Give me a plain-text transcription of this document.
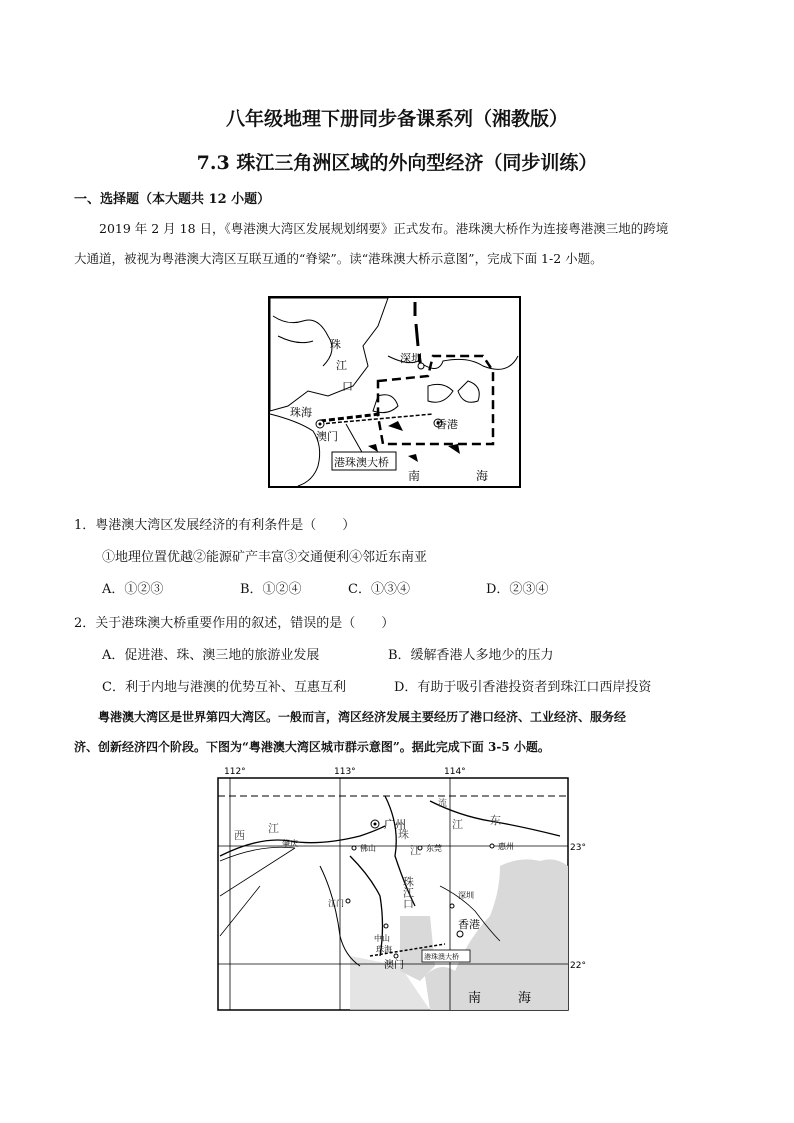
八年级地理下册同步备课系列（湘教版）
7.3 珠江三角洲区域的外向型经济（同步训练）
一、选择题（本大题共 12 小题）
2019 年 2 月 18 日，《粤港澳大湾区发展规划纲要》正式发布。港珠澳大桥作为连接粤港澳三地的跨境
大通道，被视为粤港澳大湾区互联互通的“脊梁”。读“港珠澳大桥示意图”，完成下面 1-2 小题。
珠
江
口
珠海
澳门
深圳
香港
港珠澳大桥
南	海
1．粤港澳大湾区发展经济的有利条件是（　　）
①地理位置优越②能源矿产丰富③交通便利④邻近东南亚
A．①②③	B．①②④	C．①③④	D．②③④
2．关于港珠澳大桥重要作用的叙述，错误的是（　　）
A．促进港、珠、澳三地的旅游业发展	B．缓解香港人多地少的压力
C．利于内地与港澳的优势互补、互惠互利	D．有助于吸引香港投资者到珠江口西岸投资
粤港澳大湾区是世界第四大湾区。一般而言，湾区经济发展主要经历了港口经济、工业经济、服务经
济、创新经济四个阶段。下图为“粤港澳大湾区城市群示意图”。据此完成下面 3-5 小题。
112°	113°	114°
23°
22°
西
江
肇庆
广州
佛山	东莞	惠州
东
江
流
珠
江
江门
中山
珠江口	深圳
香港
珠海
澳门
港珠澳大桥
南	海
